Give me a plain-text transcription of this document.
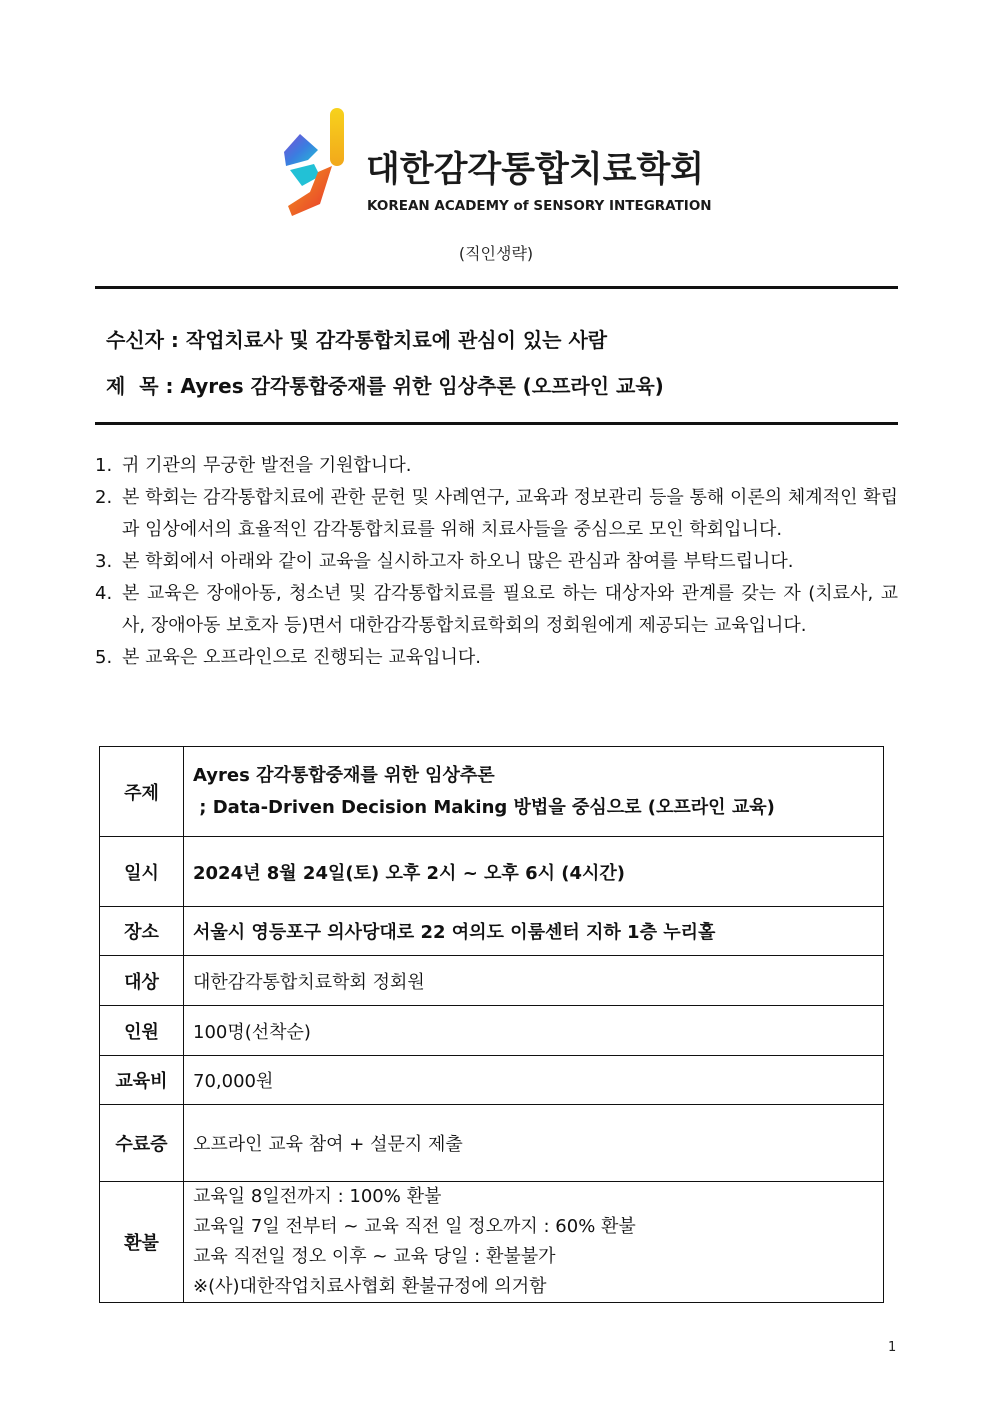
대한감각통합치료학회
KOREAN ACADEMY of SENSORY INTEGRATION
(직인생략)
수신자 : 작업치료사 및 감각통합치료에 관심이 있는 사람
제  목 : Ayres 감각통합중재를 위한 임상추론 (오프라인 교육)
1. 귀 기관의 무궁한 발전을 기원합니다.
2. 본 학회는 감각통합치료에 관한 문헌 및 사례연구, 교육과 정보관리 등을 통해 이론의 체계적인 확립과 임상에서의 효율적인 감각통합치료를 위해 치료사들을 중심으로 모인 학회입니다.
3. 본 학회에서 아래와 같이 교육을 실시하고자 하오니 많은 관심과 참여를 부탁드립니다.
4. 본 교육은 장애아동, 청소년 및 감각통합치료를 필요로 하는 대상자와 관계를 갖는 자 (치료사, 교사, 장애아동 보호자 등)면서 대한감각통합치료학회의 정회원에게 제공되는 교육입니다.
5. 본 교육은 오프라인으로 진행되는 교육입니다.
주제	Ayres 감각통합중재를 위한 임상추론
; Data-Driven Decision Making 방법을 중심으로 (오프라인 교육)

일시	2024년 8월 24일(토) 오후 2시 ~ 오후 6시 (4시간)
장소	서울시 영등포구 의사당대로 22 여의도 이룸센터 지하 1층 누리홀
대상	대한감각통합치료학회 정회원
인원	100명(선착순)
교육비	70,000원
수료증	오프라인 교육 참여 + 설문지 제출
환불	교육일 8일전까지 : 100% 환불
교육일 7일 전부터 ~ 교육 직전 일 정오까지 : 60% 환불
교육 직전일 정오 이후 ~ 교육 당일 : 환불불가
※(사)대한작업치료사협회 환불규정에 의거함
1
